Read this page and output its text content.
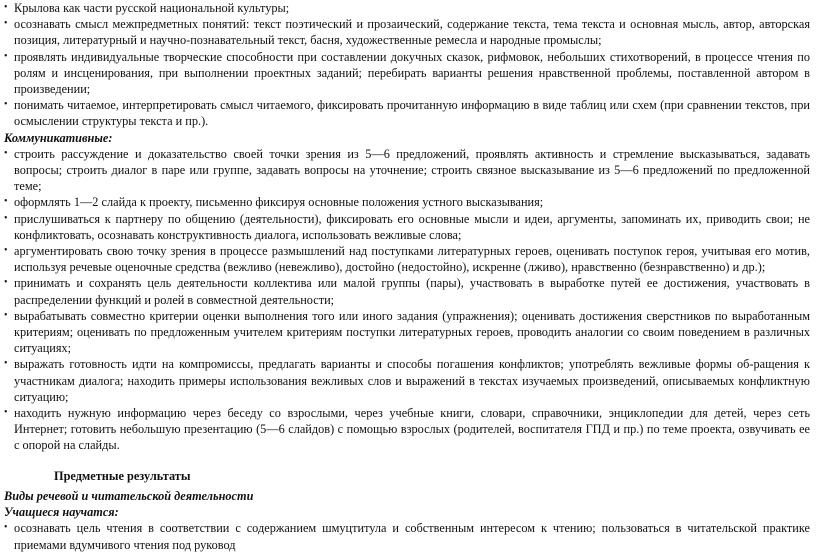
• Крылова как части русской национальной культуры;

• осознавать смысл межпредметных понятий: текст поэтический и прозаический, содержание текста, тема текста и основная мысль, автор, авторская позиция, литературный и научно-познавательный текст, басня, художественные ремесла и народные промыслы;

• проявлять индивидуальные творческие способности при составлении докучных сказок, рифмовок, небольших стихотворений, в процессе чтения по ролям и инсценирования, при выполнении проектных заданий; перебирать варианты решения нравственной проблемы, поставленной автором в произведении;

• понимать читаемое, интерпретировать смысл читаемого, фиксировать прочитанную информацию в виде таблиц или схем (при сравнении текстов, при осмыслении структуры текста и пр.).

Коммуникативные:

• строить рассуждение и доказательство своей точки зрения из 5—6 предложений, проявлять активность и стремление высказываться, задавать вопросы; строить диалог в паре или группе, задавать вопросы на уточнение; строить связное высказывание из 5—6 предложений по предложенной теме;

• оформлять 1—2 слайда к проекту, письменно фиксируя основные положения устного высказывания;

• прислушиваться к партнеру по общению (деятельности), фиксировать его основные мысли и идеи, аргументы, запоминать их, приводить свои; не конфликтовать, осознавать конструктивность диалога, использовать вежливые слова;

• аргументировать свою точку зрения в процессе размышлений над поступками литературных героев, оценивать поступок героя, учитывая его мотив, используя речевые оценочные средства (вежливо (невежливо), достойно (недостойно), искренне (лживо), нравственно (безнравственно) и др.);

• принимать и сохранять цель деятельности коллектива или малой группы (пары), участвовать в выработке путей ее достижения, участвовать в распределении функций и ролей в совместной деятельности;

• вырабатывать совместно критерии оценки выполнения того или иного задания (упражнения); оценивать достижения сверстников по выработанным критериям; оценивать по предложенным учителем критериям поступки литературных героев, проводить аналогии со своим поведением в различных ситуациях;

• выражать готовность идти на компромиссы, предлагать варианты и способы погашения конфликтов; употреблять вежливые формы об-ращения к участникам диалога; находить примеры использования вежливых слов и выражений в текстах изучаемых произведений, описываемых конфликтную ситуацию;

• находить нужную информацию через беседу со взрослыми, через учебные книги, словари, справочники, энциклопедии для детей, через сеть Интернет; готовить небольшую презентацию (5—6 слайдов) с помощью взрослых (родителей, воспитателя ГПД и пр.) по теме проекта, озвучивать ее с опорой на слайды.

Предметные результаты

Виды речевой и читательской деятельности

Учащиеся научатся:

• осознавать цель чтения в соответствии с содержанием шмуцтитула и собственным интересом к чтению; пользоваться в читательской практике приемами вдумчивого чтения под руковод
